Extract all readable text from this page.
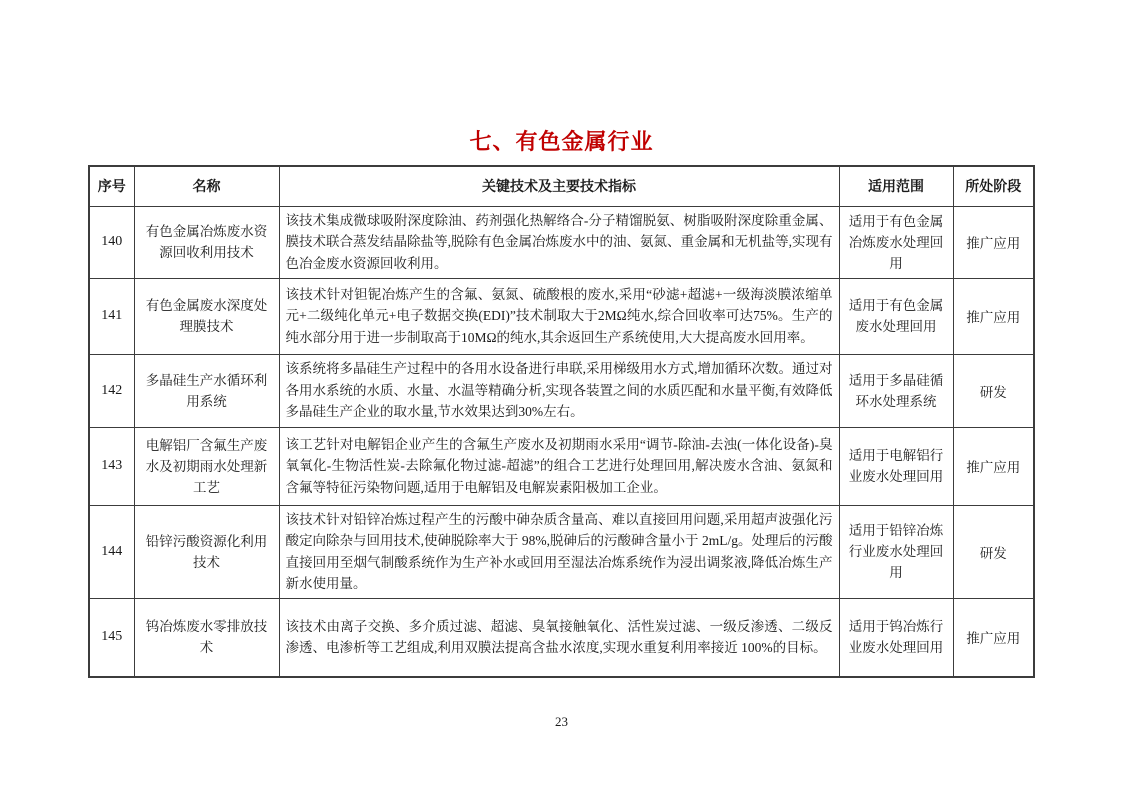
七、有色金属行业
序号	名称	关键技术及主要技术指标	适用范围	所处阶段
140	有色金属冶炼废水资源回收利用技术	该技术集成微球吸附深度除油、药剂强化热解络合-分子精馏脱氨、树脂吸附深度除重金属、膜技术联合蒸发结晶除盐等,脱除有色金属冶炼废水中的油、氨氮、重金属和无机盐等,实现有色冶金废水资源回收利用。	适用于有色金属冶炼废水处理回用	推广应用
141	有色金属废水深度处理膜技术	该技术针对钽铌冶炼产生的含氟、氨氮、硫酸根的废水,采用“砂滤+超滤+一级海淡膜浓缩单元+二级纯化单元+电子数据交换(EDI)”技术制取大于2MΩ纯水,综合回收率可达75%。生产的纯水部分用于进一步制取高于10MΩ的纯水,其余返回生产系统使用,大大提高废水回用率。	适用于有色金属废水处理回用	推广应用
142	多晶硅生产水循环利用系统	该系统将多晶硅生产过程中的各用水设备进行串联,采用梯级用水方式,增加循环次数。通过对各用水系统的水质、水量、水温等精确分析,实现各装置之间的水质匹配和水量平衡,有效降低多晶硅生产企业的取水量,节水效果达到30%左右。	适用于多晶硅循环水处理系统	研发
143	电解铝厂含氟生产废水及初期雨水处理新工艺	该工艺针对电解铝企业产生的含氟生产废水及初期雨水采用“调节-除油-去浊(一体化设备)-臭氧氧化-生物活性炭-去除氟化物过滤-超滤”的组合工艺进行处理回用,解决废水含油、氨氮和含氟等特征污染物问题,适用于电解铝及电解炭素阳极加工企业。	适用于电解铝行业废水处理回用	推广应用
144	铅锌污酸资源化利用技术	该技术针对铅锌冶炼过程产生的污酸中砷杂质含量高、难以直接回用问题,采用超声波强化污酸定向除杂与回用技术,使砷脱除率大于 98%,脱砷后的污酸砷含量小于 2mL/g。处理后的污酸直接回用至烟气制酸系统作为生产补水或回用至湿法冶炼系统作为浸出调浆液,降低冶炼生产新水使用量。	适用于铅锌冶炼行业废水处理回用	研发
145	钨冶炼废水零排放技术	该技术由离子交换、多介质过滤、超滤、臭氧接触氧化、活性炭过滤、一级反渗透、二级反渗透、电渗析等工艺组成,利用双膜法提高含盐水浓度,实现水重复利用率接近 100%的目标。	适用于钨冶炼行业废水处理回用	推广应用
23
